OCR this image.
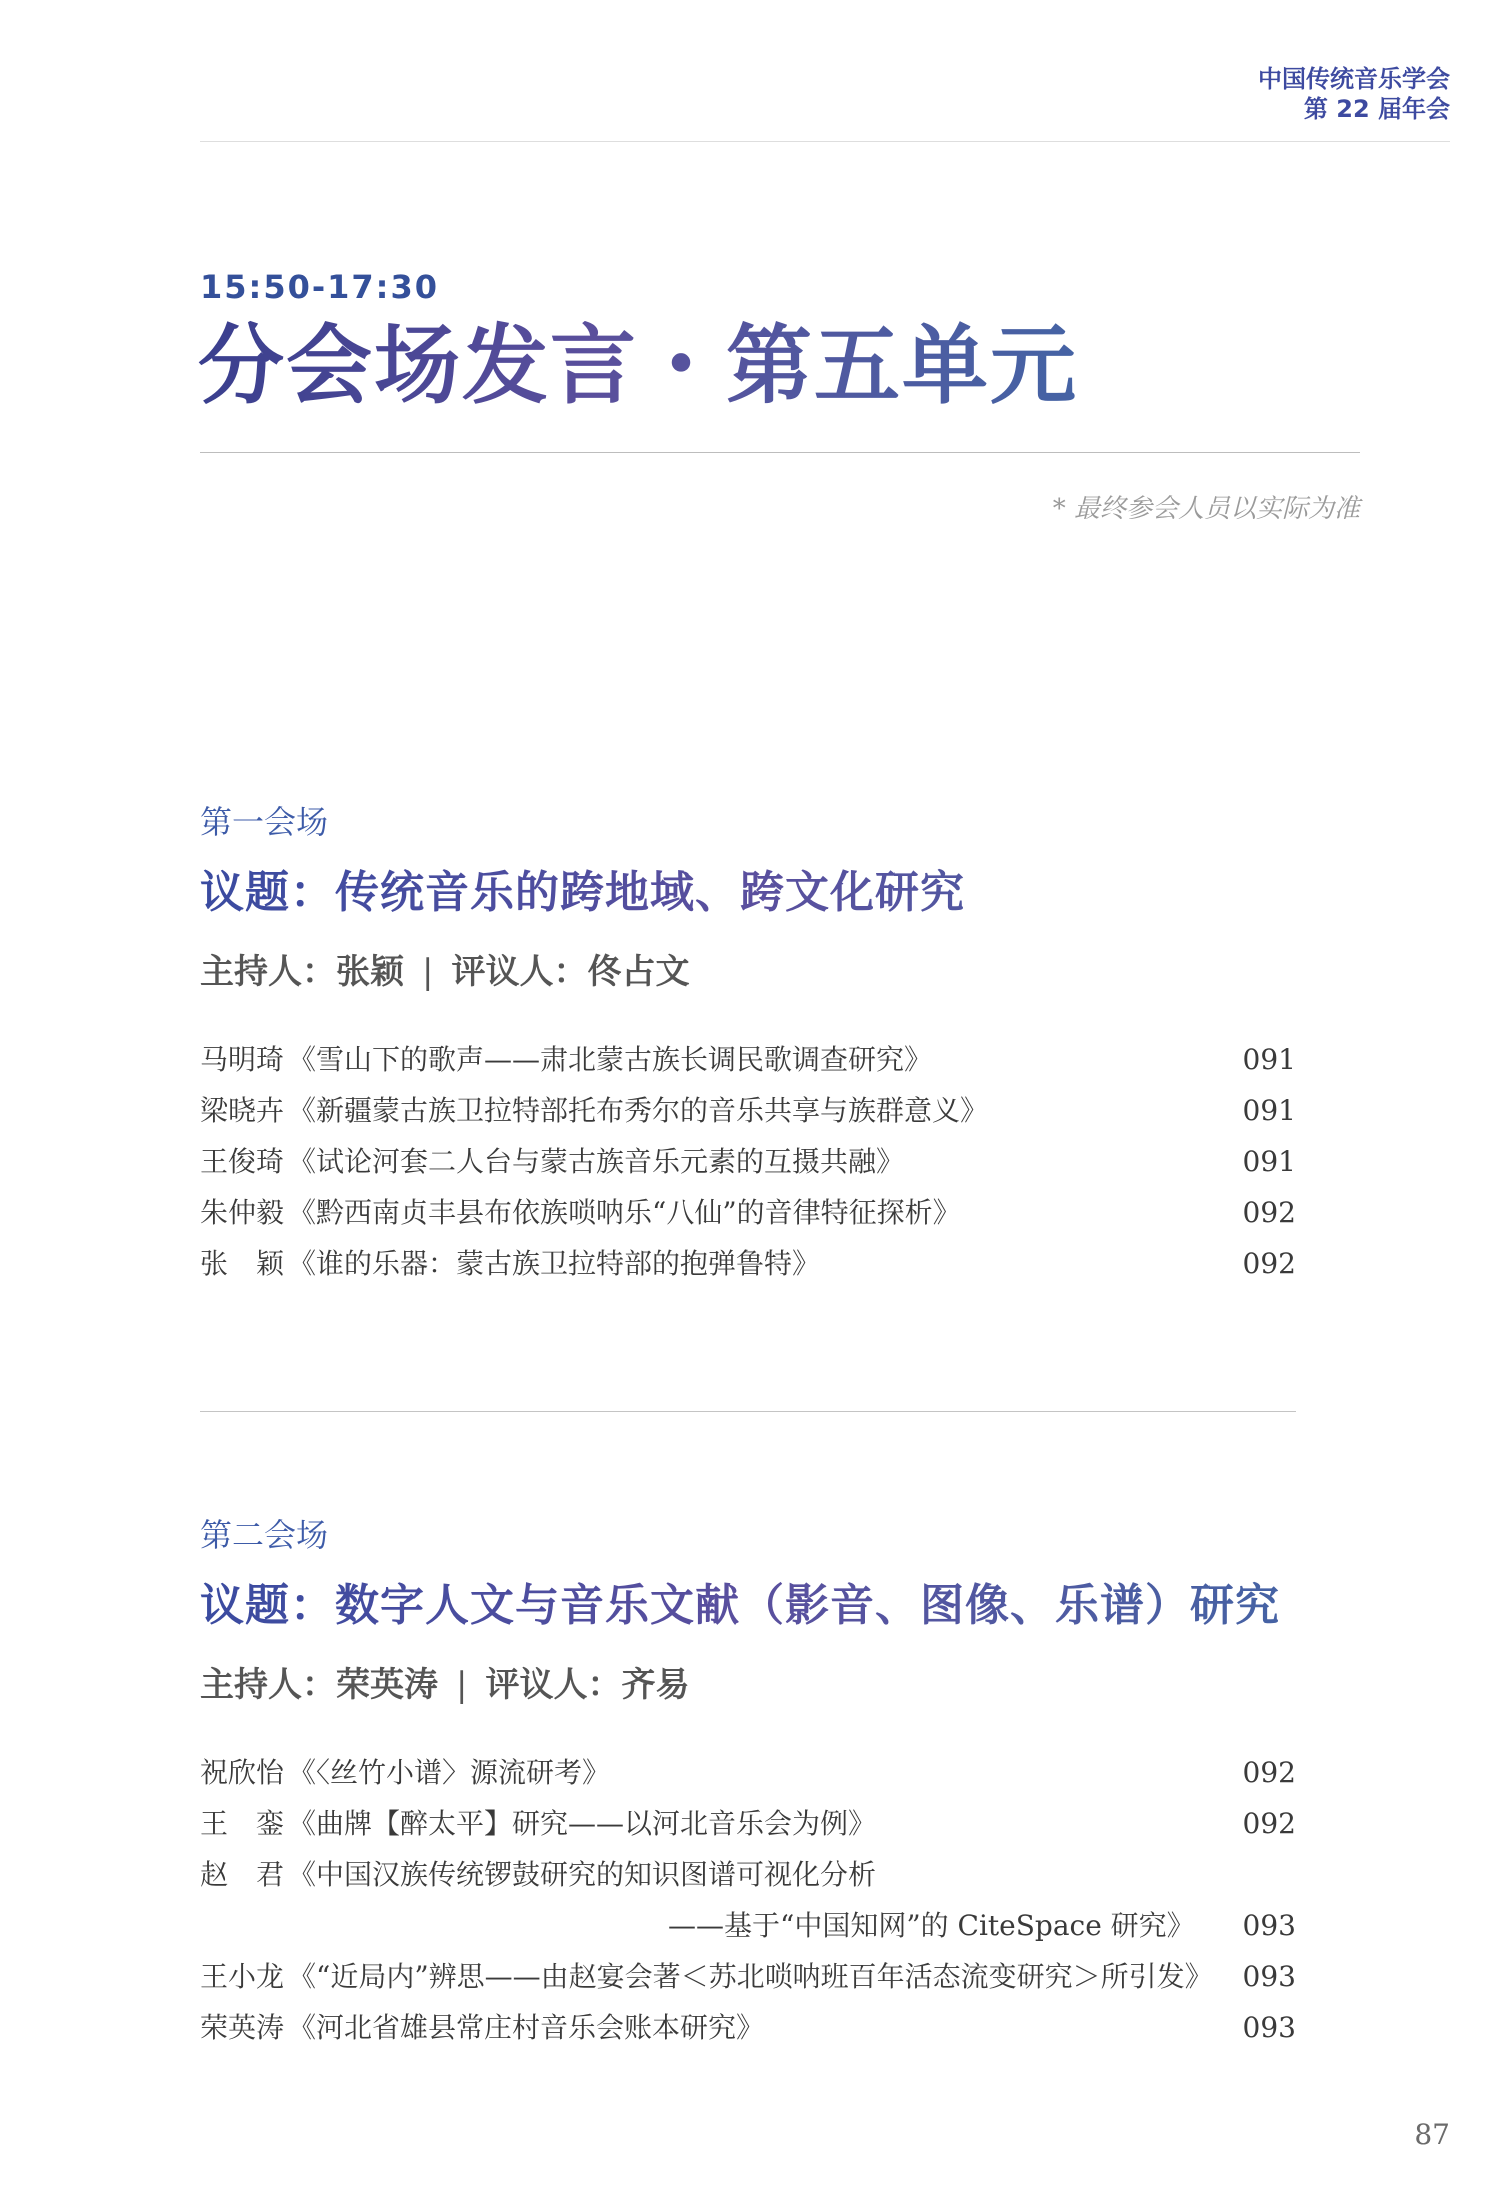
中国传统音乐学会
第 22 届年会
15:50-17:30
分会场发言・第五单元
* 最终参会人员以实际为准
第一会场
议题：传统音乐的跨地域、跨文化研究
主持人：张颖 | 评议人：佟占文
马明琦 《雪山下的歌声——肃北蒙古族长调民歌调查研究》	091
梁晓卉 《新疆蒙古族卫拉特部托布秀尔的音乐共享与族群意义》	091
王俊琦 《试论河套二人台与蒙古族音乐元素的互摄共融》	091
朱仲毅 《黔西南贞丰县布依族唢呐乐“八仙”的音律特征探析》	092
张　颖 《谁的乐器：蒙古族卫拉特部的抱弹鲁特》	092
第二会场
议题：数字人文与音乐文献（影音、图像、乐谱）研究
主持人：荣英涛 | 评议人：齐易
祝欣怡 《〈丝竹小谱〉源流研考》	092
王　銮 《曲牌【醉太平】研究——以河北音乐会为例》	092
赵　君 《中国汉族传统锣鼓研究的知识图谱可视化分析
——基于“中国知网”的 CiteSpace 研究》	093
王小龙 《“近局内”辨思——由赵宴会著＜苏北唢呐班百年活态流变研究＞所引发》	093
荣英涛 《河北省雄县常庄村音乐会账本研究》	093
87
